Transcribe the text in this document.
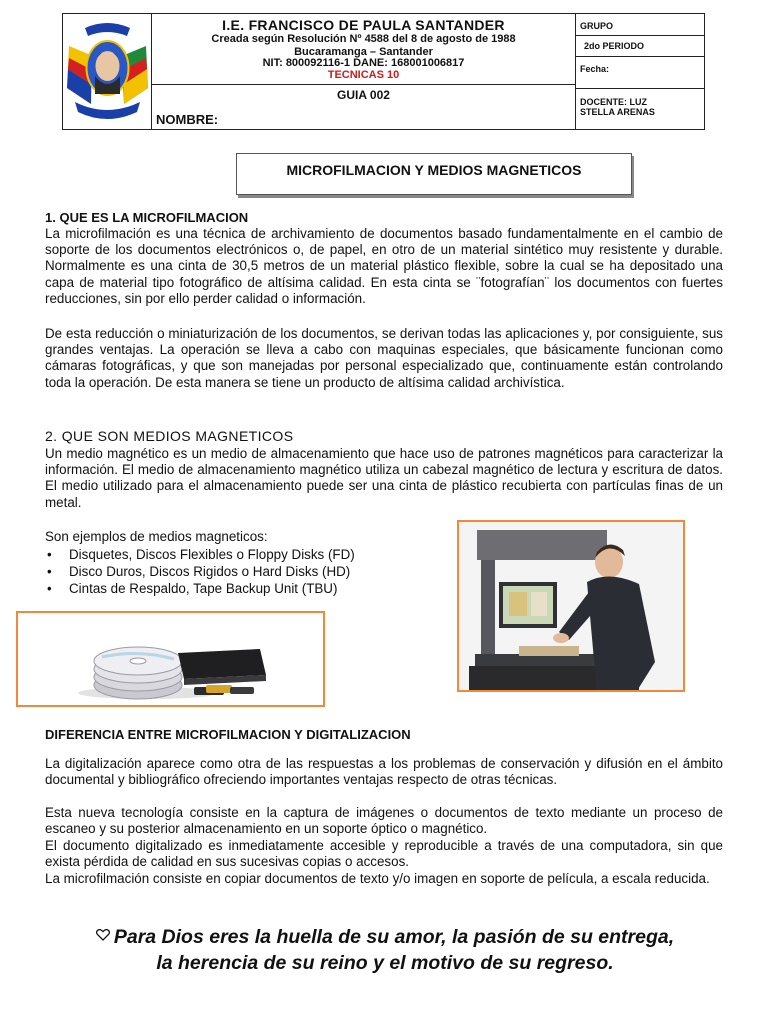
I.E. FRANCISCO DE PAULA SANTANDER
Creada según Resolución Nº 4588 del 8 de agosto de 1988
Bucaramanga – Santander
NIT: 800092116-1 DANE: 168001006817
TECNICAS 10
GUIA 002
NOMBRE:
GRUPO
2do PERIODO
Fecha:
DOCENTE: LUZ STELLA ARENAS
MICROFILMACION Y MEDIOS MAGNETICOS
1. QUE ES LA MICROFILMACION
La microfilmación es una técnica de archivamiento de documentos basado fundamentalmente en el cambio de soporte de los documentos electrónicos o, de papel, en otro de un material sintético muy resistente y durable. Normalmente es una cinta de 30,5 metros de un material plástico flexible, sobre la cual se ha depositado una capa de material tipo fotográfico de altísima calidad. En esta cinta se ¨fotografían¨ los documentos con fuertes reducciones, sin por ello perder calidad o información.
De esta reducción o miniaturización de los documentos, se derivan todas las aplicaciones y, por consiguiente, sus grandes ventajas. La operación se lleva a cabo con maquinas especiales, que básicamente funcionan como cámaras fotográficas, y que son manejadas por personal especializado que, continuamente están controlando toda la operación. De esta manera se tiene un producto de altísima calidad archivística.
2. QUE SON MEDIOS MAGNETICOS
Un medio magnético es un medio de almacenamiento que hace uso de patrones magnéticos para caracterizar la información. El medio de almacenamiento magnético utiliza un cabezal magnético de lectura y escritura de datos. El medio utilizado para el almacenamiento puede ser una cinta de plástico recubierta con partículas finas de un metal.
Son ejemplos de medios magneticos:
• Disquetes, Discos Flexibles o Floppy Disks (FD)
• Disco Duros, Discos Rigidos o Hard Disks (HD)
• Cintas de Respaldo, Tape Backup Unit (TBU)
DIFERENCIA ENTRE MICROFILMACION Y DIGITALIZACION
La digitalización aparece como otra de las respuestas a los problemas de conservación y difusión en el ámbito documental y bibliográfico ofreciendo importantes ventajas respecto de otras técnicas.
Esta nueva tecnología consiste en la captura de imágenes o documentos de texto mediante un proceso de escaneo y su posterior almacenamiento en un soporte óptico o magnético.
El documento digitalizado es inmediatamente accesible y reproducible a través de una computadora, sin que exista pérdida de calidad en sus sucesivas copias o accesos.
La microfilmación consiste en copiar documentos de texto y/o imagen en soporte de película, a escala reducida.
Para Dios eres la huella de su amor, la pasión de su entrega,
la herencia de su reino y el motivo de su regreso.
